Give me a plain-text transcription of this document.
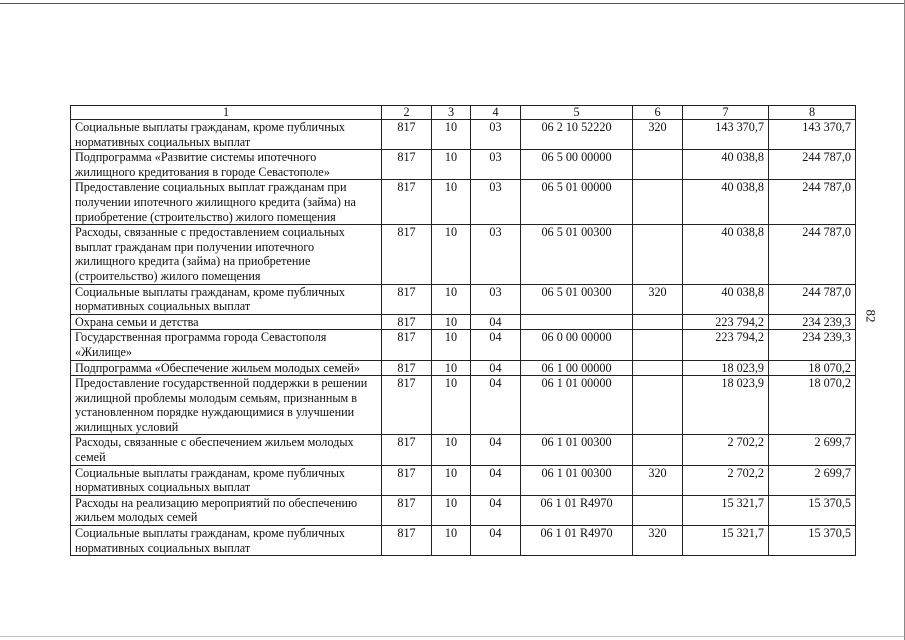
82
1	2	3	4	5	6	7	8
Социальные выплаты гражданам, кроме публичных нормативных социальных выплат	817	10	03	06 2 10 52220	320	143 370,7	143 370,7
Подпрограмма «Развитие системы ипотечного жилищного кредитования в городе Севастополе»	817	10	03	06 5 00 00000		40 038,8	244 787,0
Предоставление социальных выплат гражданам при получении ипотечного жилищного кредита (займа) на приобретение (строительство) жилого помещения	817	10	03	06 5 01 00000		40 038,8	244 787,0
Расходы, связанные с предоставлением социальных выплат гражданам при получении ипотечного жилищного кредита (займа) на приобретение (строительство) жилого помещения	817	10	03	06 5 01 00300		40 038,8	244 787,0
Социальные выплаты гражданам, кроме публичных нормативных социальных выплат	817	10	03	06 5 01 00300	320	40 038,8	244 787,0
Охрана семьи и детства	817	10	04			223 794,2	234 239,3
Государственная программа города Севастополя «Жилище»	817	10	04	06 0 00 00000		223 794,2	234 239,3
Подпрограмма «Обеспечение жильем молодых семей»	817	10	04	06 1 00 00000		18 023,9	18 070,2
Предоставление государственной поддержки в решении жилищной проблемы молодым семьям, признанным в установленном порядке нуждающимися в улучшении жилищных условий	817	10	04	06 1 01 00000		18 023,9	18 070,2
Расходы, связанные с обеспечением жильем молодых семей	817	10	04	06 1 01 00300		2 702,2	2 699,7
Социальные выплаты гражданам, кроме публичных нормативных социальных выплат	817	10	04	06 1 01 00300	320	2 702,2	2 699,7
Расходы на реализацию мероприятий по обеспечению жильем молодых семей	817	10	04	06 1 01 R4970		15 321,7	15 370,5
Социальные выплаты гражданам, кроме публичных нормативных социальных выплат	817	10	04	06 1 01 R4970	320	15 321,7	15 370,5
